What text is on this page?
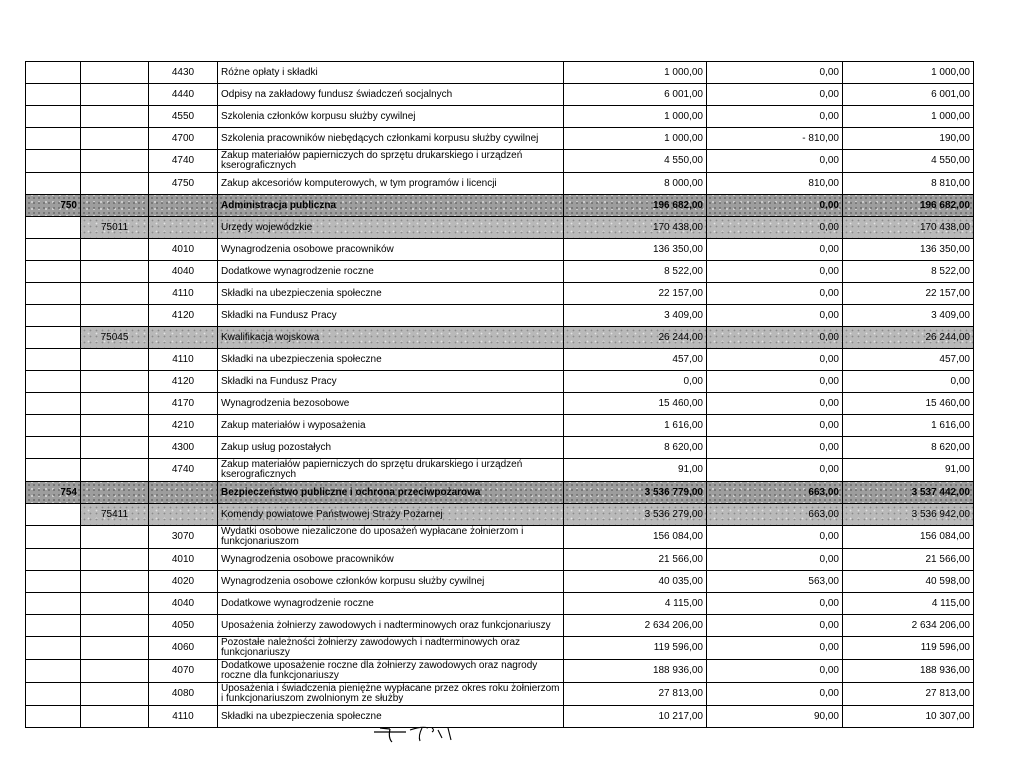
		4430	Różne opłaty i składki	1 000,00	0,00	1 000,00
		4440	Odpisy na zakładowy fundusz świadczeń socjalnych	6 001,00	0,00	6 001,00
		4550	Szkolenia członków korpusu służby cywilnej	1 000,00	0,00	1 000,00
		4700	Szkolenia pracowników niebędących członkami korpusu służby cywilnej	1 000,00	- 810,00	190,00
		4740	Zakup materiałów papierniczych do sprzętu drukarskiego i urządzeń kserograficznych	4 550,00	0,00	4 550,00
		4750	Zakup akcesoriów komputerowych, w tym programów i licencji	8 000,00	810,00	8 810,00
750			Administracja publiczna	196 682,00	0,00	196 682,00
	75011		Urzędy wojewódzkie	170 438,00	0,00	170 438,00
		4010	Wynagrodzenia osobowe pracowników	136 350,00	0,00	136 350,00
		4040	Dodatkowe wynagrodzenie roczne	8 522,00	0,00	8 522,00
		4110	Składki na ubezpieczenia społeczne	22 157,00	0,00	22 157,00
		4120	Składki na Fundusz Pracy	3 409,00	0,00	3 409,00
	75045		Kwalifikacja wojskowa	26 244,00	0,00	26 244,00
		4110	Składki na ubezpieczenia społeczne	457,00	0,00	457,00
		4120	Składki na Fundusz Pracy	0,00	0,00	0,00
		4170	Wynagrodzenia bezosobowe	15 460,00	0,00	15 460,00
		4210	Zakup materiałów i wyposażenia	1 616,00	0,00	1 616,00
		4300	Zakup usług pozostałych	8 620,00	0,00	8 620,00
		4740	Zakup materiałów papierniczych do sprzętu drukarskiego i urządzeń kserograficznych	91,00	0,00	91,00
754			Bezpieczeństwo publiczne i ochrona przeciwpożarowa	3 536 779,00	663,00	3 537 442,00
	75411		Komendy powiatowe Państwowej Straży Pożarnej	3 536 279,00	663,00	3 536 942,00
		3070	Wydatki osobowe niezaliczone do uposażeń wypłacane żołnierzom i funkcjonariuszom	156 084,00	0,00	156 084,00
		4010	Wynagrodzenia osobowe pracowników	21 566,00	0,00	21 566,00
		4020	Wynagrodzenia osobowe członków korpusu służby cywilnej	40 035,00	563,00	40 598,00
		4040	Dodatkowe wynagrodzenie roczne	4 115,00	0,00	4 115,00
		4050	Uposażenia żołnierzy zawodowych i nadterminowych oraz funkcjonariuszy	2 634 206,00	0,00	2 634 206,00
		4060	Pozostałe należności żołnierzy zawodowych i nadterminowych oraz funkcjonariuszy	119 596,00	0,00	119 596,00
		4070	Dodatkowe uposażenie roczne dla żołnierzy zawodowych oraz nagrody roczne dla funkcjonariuszy	188 936,00	0,00	188 936,00
		4080	Uposażenia i świadczenia pieniężne wypłacane przez okres roku żołnierzom i funkcjonariuszom zwolnionym ze służby	27 813,00	0,00	27 813,00
		4110	Składki na ubezpieczenia społeczne	10 217,00	90,00	10 307,00
